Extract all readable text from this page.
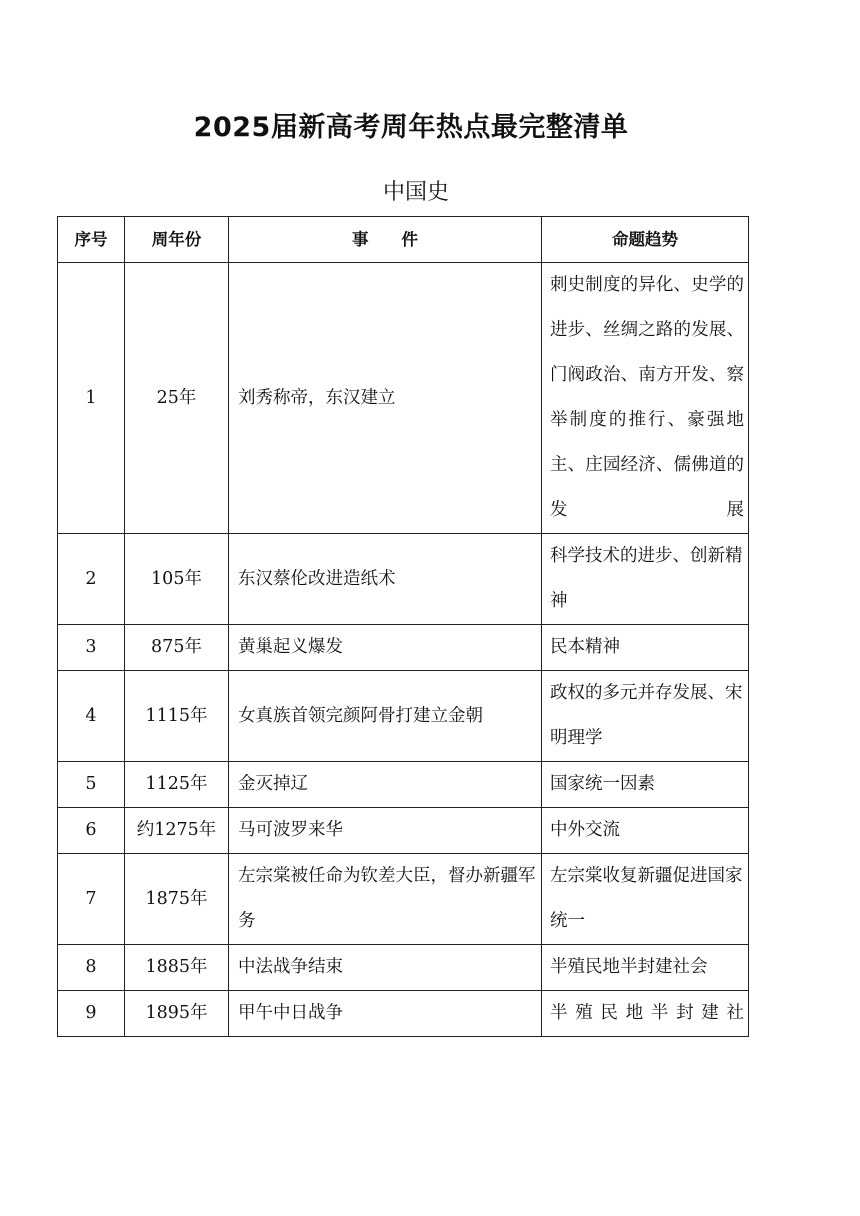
2025届新高考周年热点最完整清单
中国史
序号	周年份	事　　件	命题趋势
1	25年	刘秀称帝，东汉建立	刺史制度的异化、史学的进步、丝绸之路的发展、门阀政治、南方开发、察举制度的推行、豪强地主、庄园经济、儒佛道的发展

2	105年	东汉蔡伦改进造纸术	科学技术的进步、创新精神

3	875年	黄巢起义爆发	民本精神

4	1115年	女真族首领完颜阿骨打建立金朝	政权的多元并存发展、宋明理学

5	1125年	金灭掉辽	国家统一因素

6	约1275年	马可波罗来华	中外交流

7	1875年	左宗棠被任命为钦差大臣，督办新疆军务	左宗棠收复新疆促进国家统一

8	1885年	中法战争结束	半殖民地半封建社会

9	1895年	甲午中日战争	半殖民地半封建社
